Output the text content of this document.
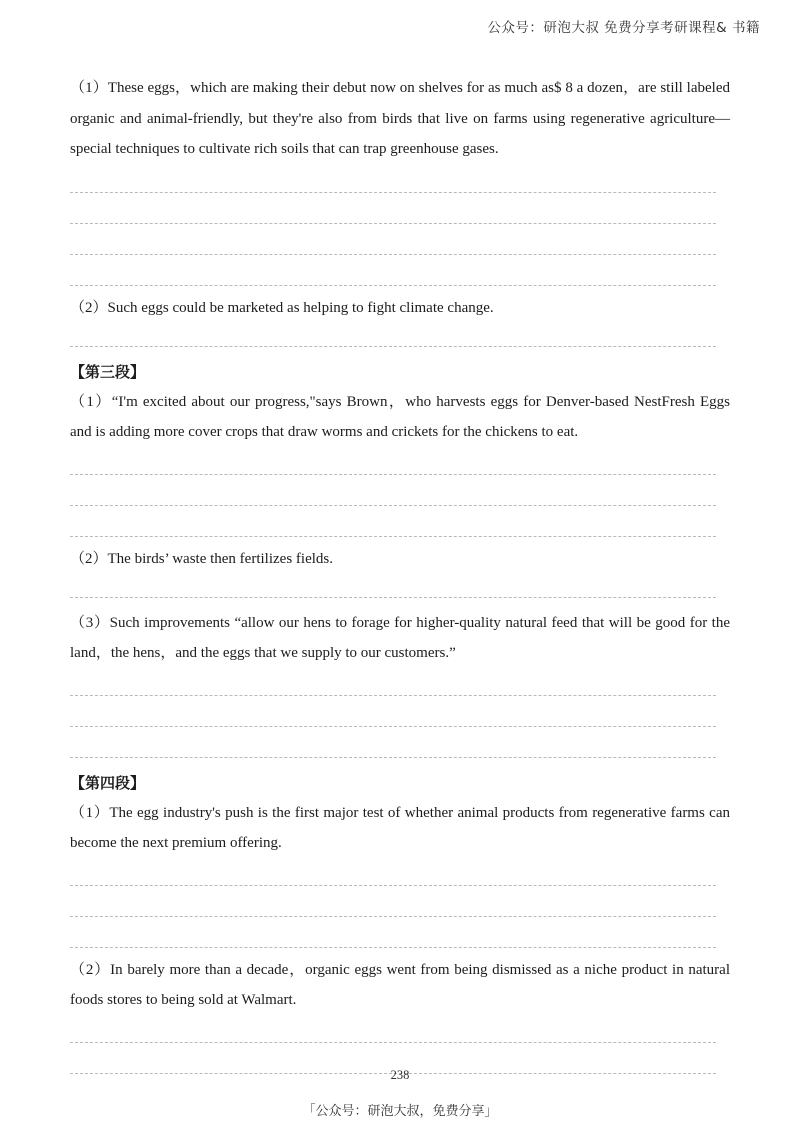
公众号：研泡大叔 免费分享考研课程& 书籍

（1）These eggs，which are making their debut now on shelves for as much as$ 8 a dozen，are still labeled organic and animal-friendly, but they're also from birds that live on farms using regenerative agriculture—special techniques to cultivate rich soils that can trap greenhouse gases.

（2）Such eggs could be marketed as helping to fight climate change.

【第三段】

（1）“I'm excited about our progress,"says Brown，who harvests eggs for Denver-based NestFresh Eggs and is adding more cover crops that draw worms and crickets for the chickens to eat.

（2）The birds’ waste then fertilizes fields.

（3）Such improvements “allow our hens to forage for higher-quality natural feed that will be good for the land，the hens，and the eggs that we supply to our customers.”

【第四段】

（1）The egg industry's push is the first major test of whether animal products from regenerative farms can become the next premium offering.

（2）In barely more than a decade，organic eggs went from being dismissed as a niche product in natural foods stores to being sold at Walmart.

238
「公众号：研泡大叔，免费分享」
